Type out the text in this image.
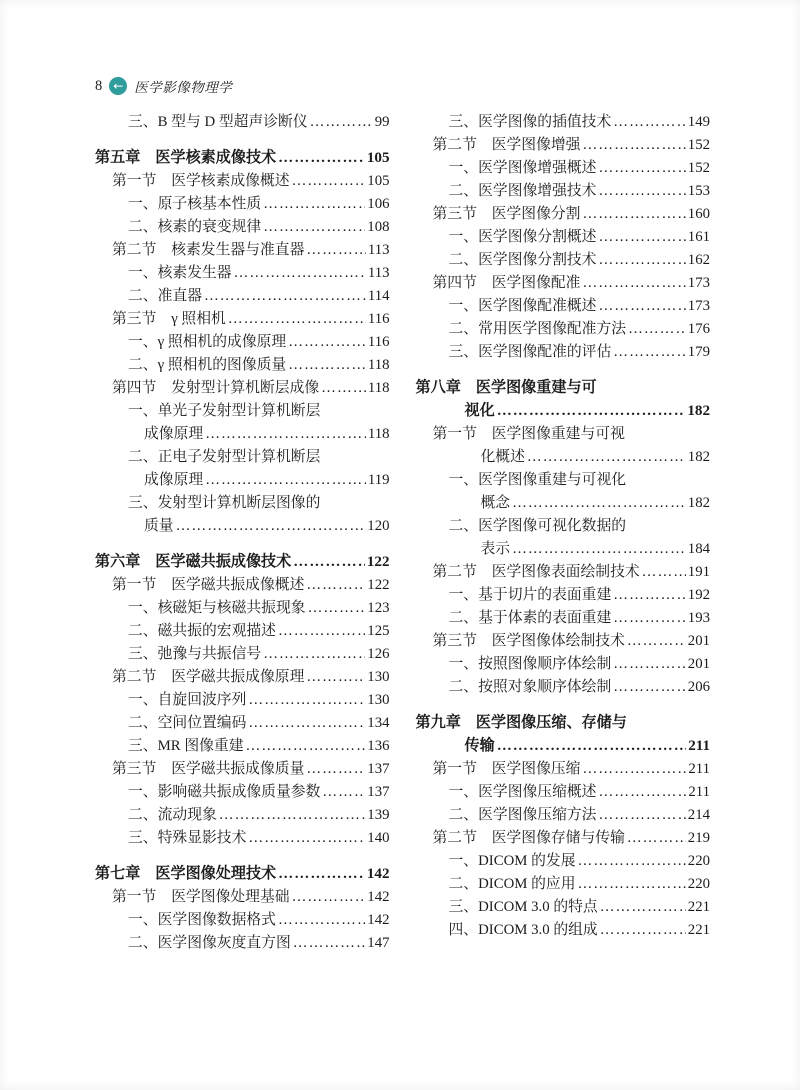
8 ← 医学影像物理学
三、B 型与 D 型超声诊断仪 ………………………………………………………………	99
第五章　医学核素成像技术 ………………………………………………………………	105
第一节　医学核素成像概述 ………………………………………………………………	105
一、原子核基本性质 ………………………………………………………………	106
二、核素的衰变规律 ………………………………………………………………	108
第二节　核素发生器与准直器 ………………………………………………………………	113
一、核素发生器 ………………………………………………………………	113
二、准直器 ………………………………………………………………	114
第三节　γ 照相机 ………………………………………………………………	116
一、γ 照相机的成像原理 ………………………………………………………………	116
二、γ 照相机的图像质量 ………………………………………………………………	118
第四节　发射型计算机断层成像 ………………………………………………………………	118
一、单光子发射型计算机断层
成像原理 ………………………………………………………………	118
二、正电子发射型计算机断层
成像原理 ………………………………………………………………	119
三、发射型计算机断层图像的
质量 ………………………………………………………………	120
第六章　医学磁共振成像技术 ………………………………………………………………	122
第一节　医学磁共振成像概述 ………………………………………………………………	122
一、核磁矩与核磁共振现象 ………………………………………………………………	123
二、磁共振的宏观描述 ………………………………………………………………	125
三、弛豫与共振信号 ………………………………………………………………	126
第二节　医学磁共振成像原理 ………………………………………………………………	130
一、自旋回波序列 ………………………………………………………………	130
二、空间位置编码 ………………………………………………………………	134
三、MR 图像重建 ………………………………………………………………	136
第三节　医学磁共振成像质量 ………………………………………………………………	137
一、影响磁共振成像质量参数 ………………………………………………………………	137
二、流动现象 ………………………………………………………………	139
三、特殊显影技术 ………………………………………………………………	140
第七章　医学图像处理技术 ………………………………………………………………	142
第一节　医学图像处理基础 ………………………………………………………………	142
一、医学图像数据格式 ………………………………………………………………	142
二、医学图像灰度直方图 ………………………………………………………………	147
三、医学图像的插值技术 ………………………………………………………………	149
第二节　医学图像增强 ………………………………………………………………	152
一、医学图像增强概述 ………………………………………………………………	152
二、医学图像增强技术 ………………………………………………………………	153
第三节　医学图像分割 ………………………………………………………………	160
一、医学图像分割概述 ………………………………………………………………	161
二、医学图像分割技术 ………………………………………………………………	162
第四节　医学图像配准 ………………………………………………………………	173
一、医学图像配准概述 ………………………………………………………………	173
二、常用医学图像配准方法 ………………………………………………………………	176
三、医学图像配准的评估 ………………………………………………………………	179
第八章　医学图像重建与可
视化 ………………………………………………………………	182
第一节　医学图像重建与可视
化概述 ………………………………………………………………	182
一、医学图像重建与可视化
概念 ………………………………………………………………	182
二、医学图像可视化数据的
表示 ………………………………………………………………	184
第二节　医学图像表面绘制技术 ………………………………………………………………	191
一、基于切片的表面重建 ………………………………………………………………	192
二、基于体素的表面重建 ………………………………………………………………	193
第三节　医学图像体绘制技术 ………………………………………………………………	201
一、按照图像顺序体绘制 ………………………………………………………………	201
二、按照对象顺序体绘制 ………………………………………………………………	206
第九章　医学图像压缩、存储与
传输 ………………………………………………………………	211
第一节　医学图像压缩 ………………………………………………………………	211
一、医学图像压缩概述 ………………………………………………………………	211
二、医学图像压缩方法 ………………………………………………………………	214
第二节　医学图像存储与传输 ………………………………………………………………	219
一、DICOM 的发展 ………………………………………………………………	220
二、DICOM 的应用 ………………………………………………………………	220
三、DICOM 3.0 的特点 ………………………………………………………………	221
四、DICOM 3.0 的组成 ………………………………………………………………	221
